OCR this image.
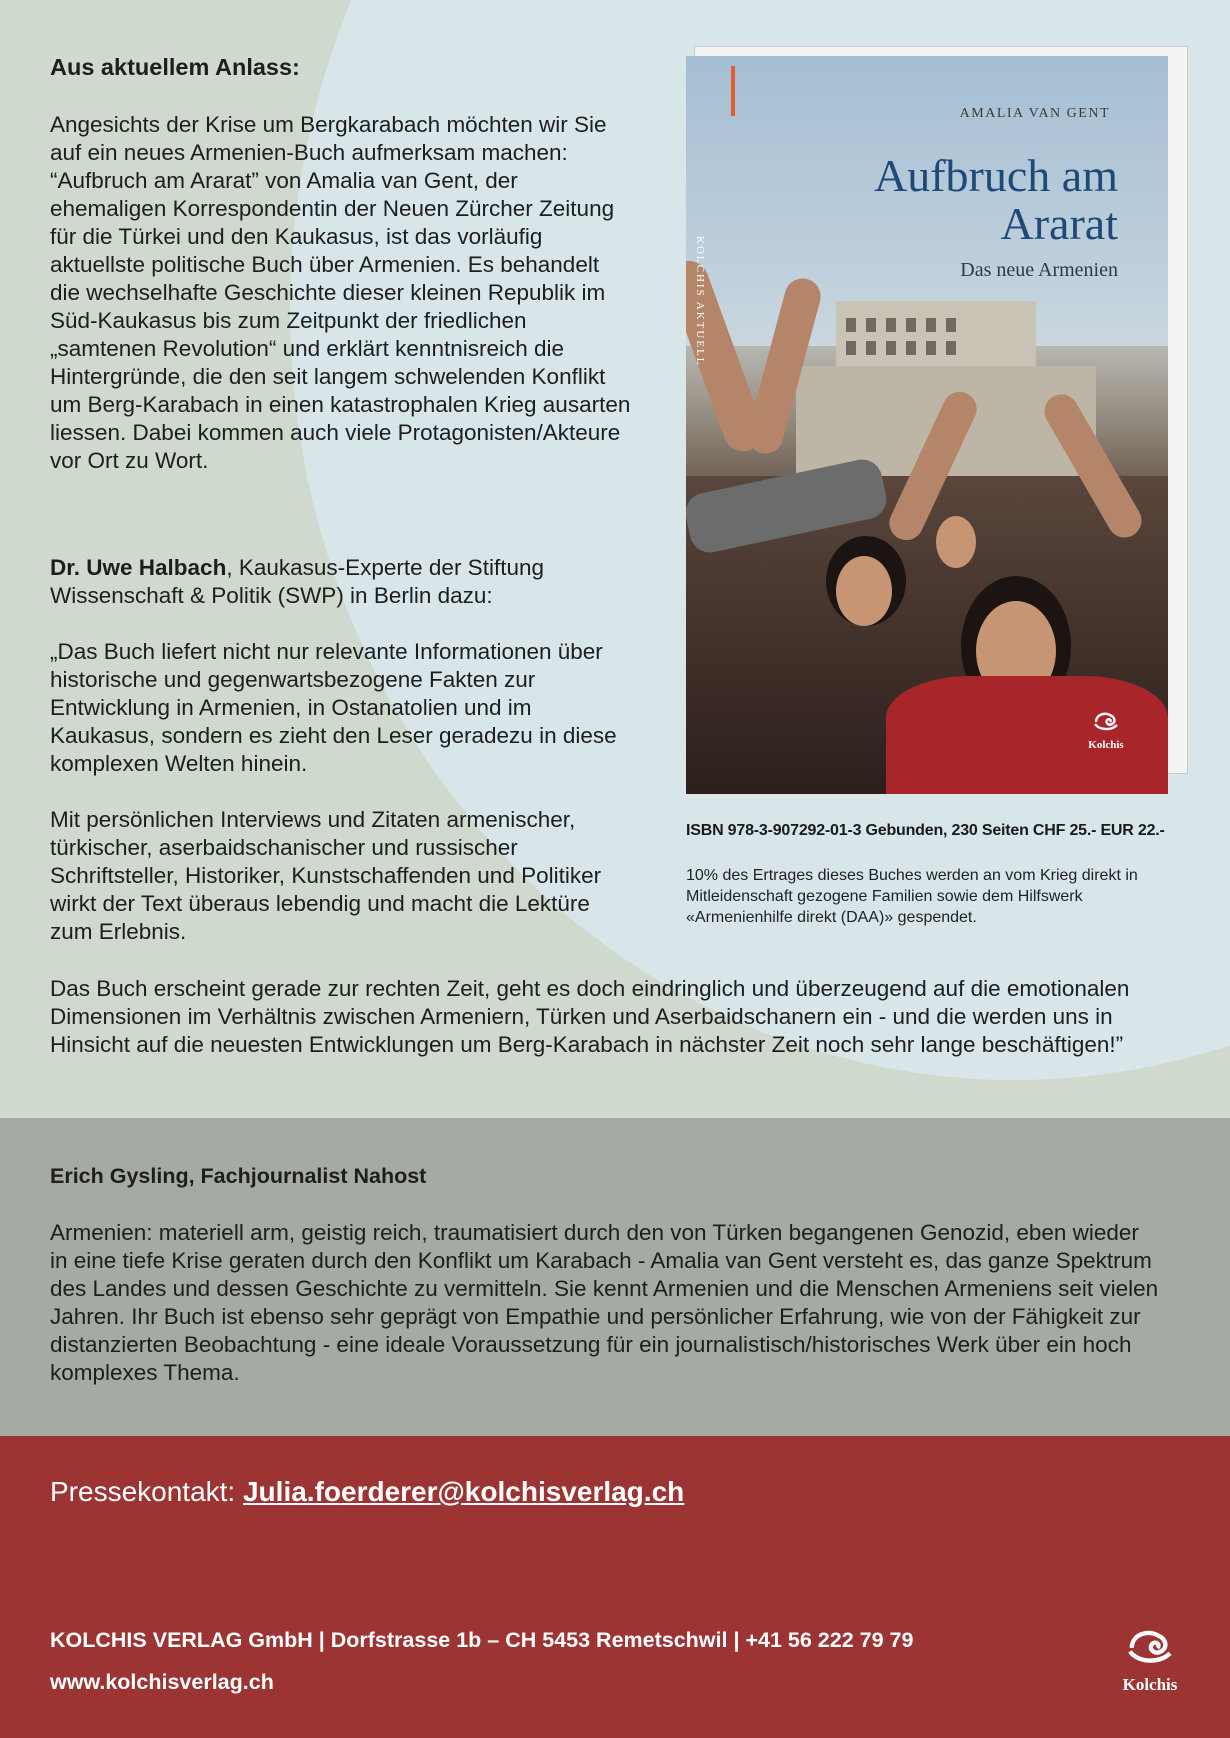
Aus aktuellem Anlass:

Angesichts der Krise um Bergkarabach möchten wir Sie

auf ein neues Armenien-Buch aufmerksam machen:

“Aufbruch am Ararat” von Amalia van Gent, der

ehemaligen Korrespondentin der Neuen Zürcher Zeitung

für die Türkei und den Kaukasus, ist das vorläufig

aktuellste politische Buch über Armenien. Es behandelt

die wechselhafte Geschichte dieser kleinen Republik im

Süd-Kaukasus bis zum Zeitpunkt der friedlichen

„samtenen Revolution“ und erklärt kenntnisreich die

Hintergründe, die den seit langem schwelenden Konflikt

um Berg-Karabach in einen katastrophalen Krieg ausarten

liessen. Dabei kommen auch viele Protagonisten/Akteure

vor Ort zu Wort.

Dr. Uwe Halbach, Kaukasus-Experte der Stiftung

Wissenschaft & Politik (SWP) in Berlin dazu:

„Das Buch liefert nicht nur relevante Informationen über

historische und gegenwartsbezogene Fakten zur

Entwicklung in Armenien, in Ostanatolien und im

Kaukasus, sondern es zieht den Leser geradezu in diese

komplexen Welten hinein.

Mit persönlichen Interviews und Zitaten armenischer,

türkischer, aserbaidschanischer und russischer

Schriftsteller, Historiker, Kunstschaffenden und Politiker

wirkt der Text überaus lebendig und macht die Lektüre

zum Erlebnis.

Das Buch erscheint gerade zur rechten Zeit, geht es doch eindringlich und überzeugend auf die emotionalen

Dimensionen im Verhältnis zwischen Armeniern, Türken und Aserbaidschanern ein - und die werden uns in

Hinsicht auf die neuesten Entwicklungen um Berg-Karabach in nächster Zeit noch sehr lange beschäftigen!”

KOLCHIS AKTUELL
AMALIA VAN GENT
Aufbruch am
Ararat
Das neue Armenien
Kolchis
ISBN 978-3-907292-01-3 Gebunden, 230 Seiten CHF 25.- EUR 22.-

10% des Ertrages dieses Buches werden an vom Krieg direkt in

Mitleidenschaft gezogene Familien sowie dem Hilfswerk

«Armenienhilfe direkt (DAA)» gespendet.

Erich Gysling, Fachjournalist Nahost

Armenien: materiell arm, geistig reich, traumatisiert durch den von Türken begangenen Genozid, eben wieder

in eine tiefe Krise geraten durch den Konflikt um Karabach - Amalia van Gent versteht es, das ganze Spektrum

des Landes und dessen Geschichte zu vermitteln. Sie kennt Armenien und die Menschen Armeniens seit vielen

Jahren. Ihr Buch ist ebenso sehr geprägt von Empathie und persönlicher Erfahrung, wie von der Fähigkeit zur

distanzierten Beobachtung - eine ideale Voraussetzung für ein journalistisch/historisches Werk über ein hoch

komplexes Thema.

Pressekontakt: Julia.foerderer@kolchisverlag.ch
KOLCHIS VERLAG GmbH | Dorfstrasse 1b – CH 5453 Remetschwil | +41 56 222 79 79
www.kolchisverlag.ch	Kolchis
